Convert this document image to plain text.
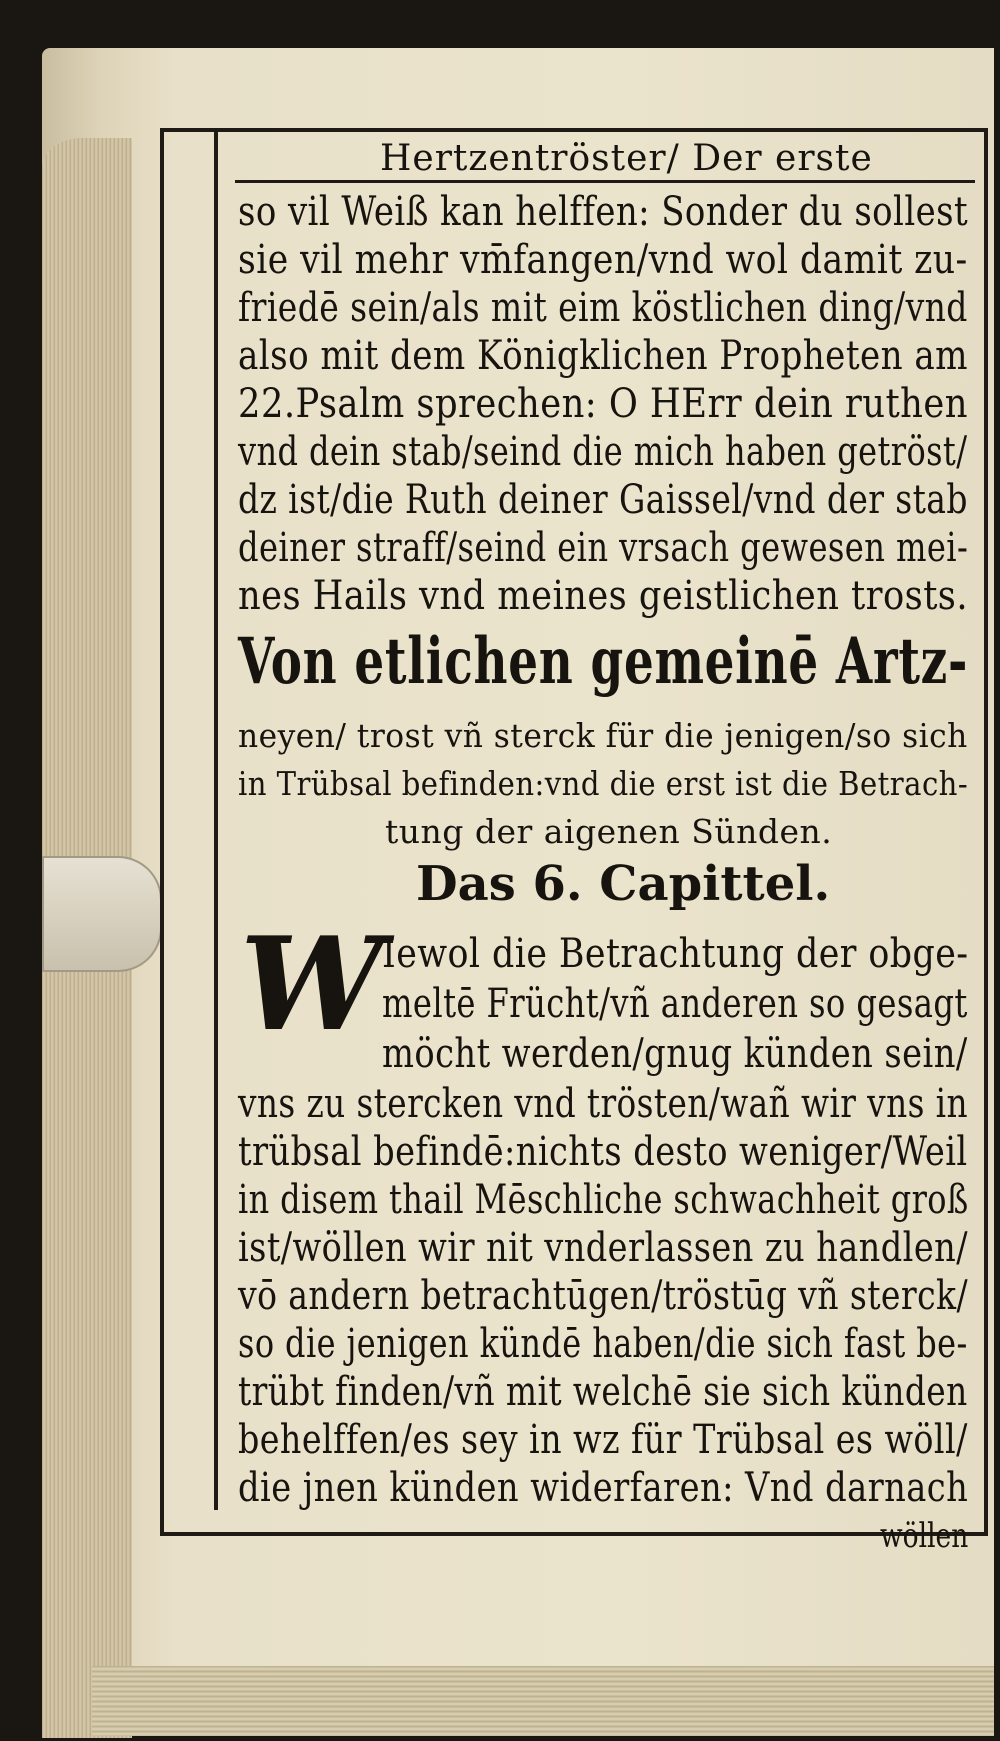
Hertzentröster/ Der erste
so vil Weiß kan helffen: Sonder du sollest
sie vil mehr vm̄fangen/vnd wol damit zu-
friedē sein/als mit eim köstlichen ding/vnd
also mit dem Königklichen Propheten am
22.Psalm sprechen: O HErr dein ruthen
vnd dein stab/seind die mich haben getröst/
dz ist/die Ruth deiner Gaissel/vnd der stab
deiner straff/seind ein vrsach gewesen mei-
nes Hails vnd meines geistlichen trosts.
Von etlichen gemeinē Artz-
neyen/ trost vñ sterck für die jenigen/so sich
in Trübsal befinden:vnd die erst ist die Betrach-
tung der aigenen Sünden.
Das 6. Capittel.
W
Iewol die Betrachtung der obge-
meltē Frücht/vñ anderen so gesagt
möcht werden/gnug künden sein/
vns zu stercken vnd trösten/wañ wir vns in
trübsal befindē:nichts desto weniger/Weil
in disem thail Mēschliche schwachheit groß
ist/wöllen wir nit vnderlassen zu handlen/
vō andern betrachtūgen/tröstūg vñ sterck/
so die jenigen kündē haben/die sich fast be-
trübt finden/vñ mit welchē sie sich künden
behelffen/es sey in wz für Trübsal es wöll/
die jnen künden widerfaren: Vnd darnach
wöllen
